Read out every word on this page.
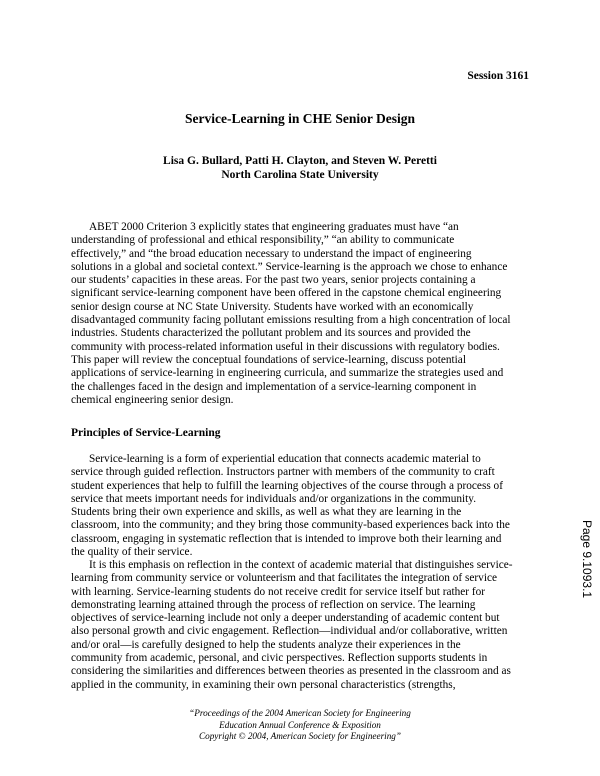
Session 3161
Service-Learning in CHE Senior Design
Lisa G. Bullard, Patti H. Clayton, and Steven W. Peretti
North Carolina State University
ABET 2000 Criterion 3 explicitly states that engineering graduates must have “an
understanding of professional and ethical responsibility,” “an ability to communicate
effectively,” and “the broad education necessary to understand the impact of engineering
solutions in a global and societal context.” Service-learning is the approach we chose to enhance
our students’ capacities in these areas. For the past two years, senior projects containing a
significant service-learning component have been offered in the capstone chemical engineering
senior design course at NC State University. Students have worked with an economically
disadvantaged community facing pollutant emissions resulting from a high concentration of local
industries. Students characterized the pollutant problem and its sources and provided the
community with process-related information useful in their discussions with regulatory bodies.
This paper will review the conceptual foundations of service-learning, discuss potential
applications of service-learning in engineering curricula, and summarize the strategies used and
the challenges faced in the design and implementation of a service-learning component in
chemical engineering senior design.
Principles of Service-Learning
Service-learning is a form of experiential education that connects academic material to
service through guided reflection. Instructors partner with members of the community to craft
student experiences that help to fulfill the learning objectives of the course through a process of
service that meets important needs for individuals and/or organizations in the community.
Students bring their own experience and skills, as well as what they are learning in the
classroom, into the community; and they bring those community-based experiences back into the
classroom, engaging in systematic reflection that is intended to improve both their learning and
the quality of their service.
It is this emphasis on reflection in the context of academic material that distinguishes service-
learning from community service or volunteerism and that facilitates the integration of service
with learning. Service-learning students do not receive credit for service itself but rather for
demonstrating learning attained through the process of reflection on service. The learning
objectives of service-learning include not only a deeper understanding of academic content but
also personal growth and civic engagement. Reflection—individual and/or collaborative, written
and/or oral—is carefully designed to help the students analyze their experiences in the
community from academic, personal, and civic perspectives. Reflection supports students in
considering the similarities and differences between theories as presented in the classroom and as
applied in the community, in examining their own personal characteristics (strengths,
“Proceedings of the 2004 American Society for Engineering
Education Annual Conference & Exposition
Copyright © 2004, American Society for Engineering”
Page 9.1093.1
